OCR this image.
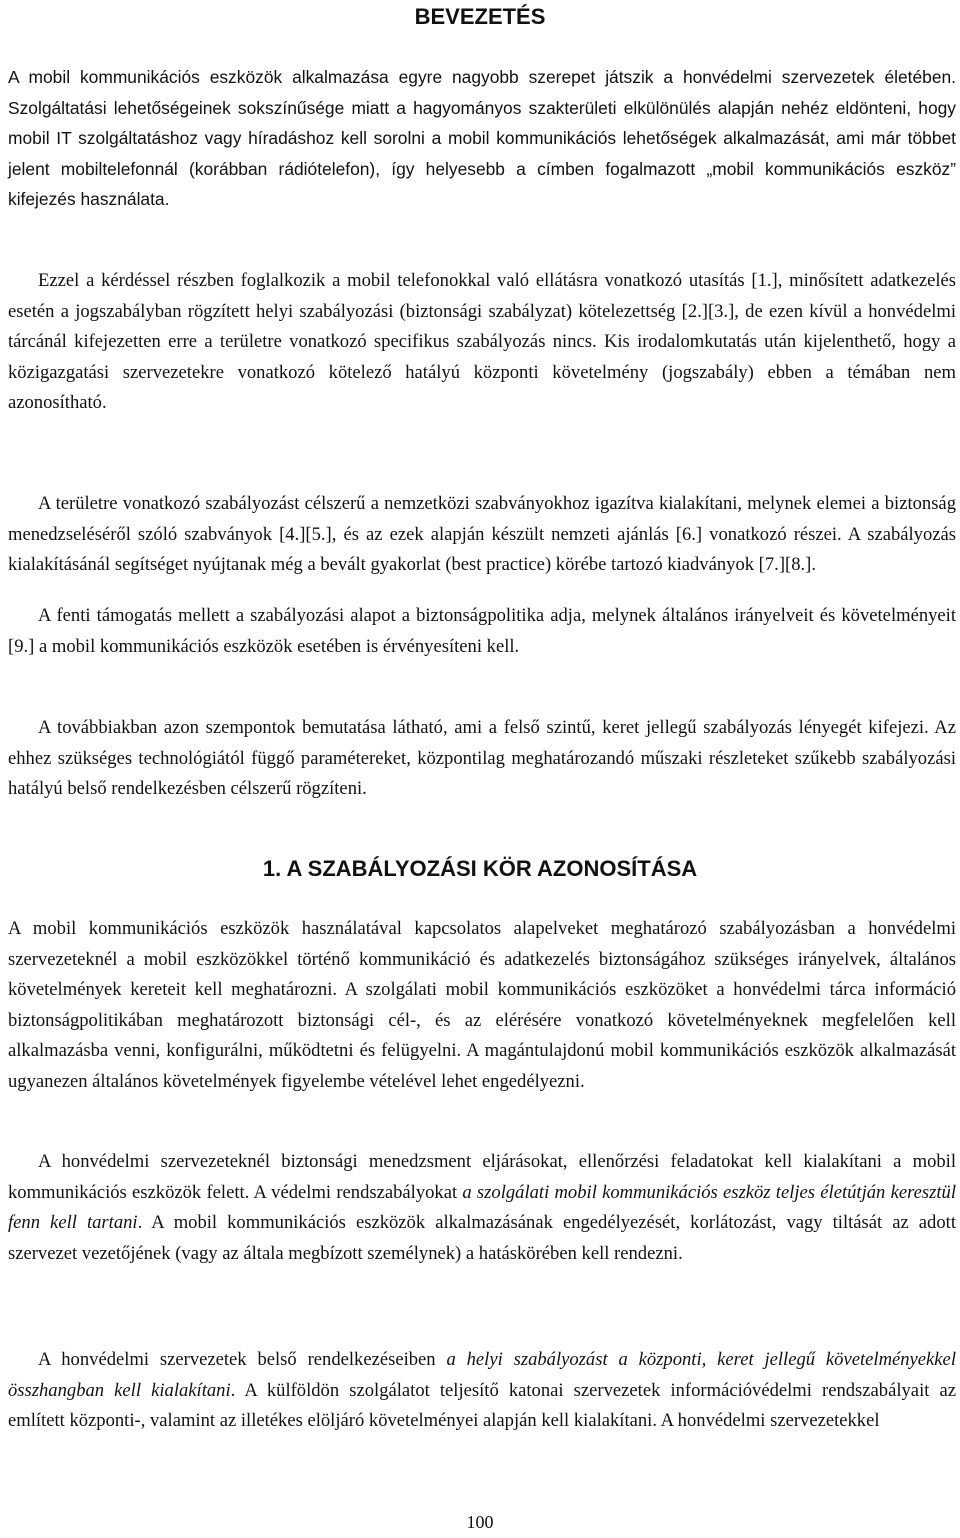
BEVEZETÉS

A mobil kommunikációs eszközök alkalmazása egyre nagyobb szerepet játszik a honvédelmi szervezetek életében. Szolgáltatási lehetőségeinek sokszínűsége miatt a hagyományos szakterületi elkülönülés alapján nehéz eldönteni, hogy mobil IT szolgáltatáshoz vagy híradáshoz kell sorolni a mobil kommunikációs lehetőségek alkalmazását, ami már többet jelent mobiltelefonnál (korábban rádiótelefon), így helyesebb a címben fogalmazott „mobil kommunikációs eszköz” kifejezés használata.

Ezzel a kérdéssel részben foglalkozik a mobil telefonokkal való ellátásra vonatkozó utasítás [1.], minősített adatkezelés esetén a jogszabályban rögzített helyi szabályozási (biztonsági szabályzat) kötelezettség [2.][3.], de ezen kívül a honvédelmi tárcánál kifejezetten erre a területre vonatkozó specifikus szabályozás nincs. Kis irodalomkutatás után kijelenthető, hogy a közigazgatási szervezetekre vonatkozó kötelező hatályú központi követelmény (jogszabály) ebben a témában nem azonosítható.

A területre vonatkozó szabályozást célszerű a nemzetközi szabványokhoz igazítva kialakítani, melynek elemei a biztonság menedzseléséről szóló szabványok [4.][5.], és az ezek alapján készült nemzeti ajánlás [6.] vonatkozó részei. A szabályozás kialakításánál segítséget nyújtanak még a bevált gyakorlat (best practice) körébe tartozó kiadványok [7.][8.].

A fenti támogatás mellett a szabályozási alapot a biztonságpolitika adja, melynek általános irányelveit és követelményeit [9.] a mobil kommunikációs eszközök esetében is érvényesíteni kell.

A továbbiakban azon szempontok bemutatása látható, ami a felső szintű, keret jellegű szabályozás lényegét kifejezi. Az ehhez szükséges technológiától függő paramétereket, központilag meghatározandó műszaki részleteket szűkebb szabályozási hatályú belső rendelkezésben célszerű rögzíteni.

1. A SZABÁLYOZÁSI KÖR AZONOSÍTÁSA

A mobil kommunikációs eszközök használatával kapcsolatos alapelveket meghatározó szabályozásban a honvédelmi szervezeteknél a mobil eszközökkel történő kommunikáció és adatkezelés biztonságához szükséges irányelvek, általános követelmények kereteit kell meghatározni. A szolgálati mobil kommunikációs eszközöket a honvédelmi tárca információ biztonságpolitikában meghatározott biztonsági cél-, és az elérésére vonatkozó követelményeknek megfelelően kell alkalmazásba venni, konfigurálni, működtetni és felügyelni. A magántulajdonú mobil kommunikációs eszközök alkalmazását ugyanezen általános követelmények figyelembe vételével lehet engedélyezni.

A honvédelmi szervezeteknél biztonsági menedzsment eljárásokat, ellenőrzési feladatokat kell kialakítani a mobil kommunikációs eszközök felett. A védelmi rendszabályokat a szolgálati mobil kommunikációs eszköz teljes életútján keresztül fenn kell tartani. A mobil kommunikációs eszközök alkalmazásának engedélyezését, korlátozást, vagy tiltását az adott szervezet vezetőjének (vagy az általa megbízott személynek) a hatáskörében kell rendezni.

A honvédelmi szervezetek belső rendelkezéseiben a helyi szabályozást a központi, keret jellegű követelményekkel összhangban kell kialakítani. A külföldön szolgálatot teljesítő katonai szervezetek információvédelmi rendszabályait az említett központi-, valamint az illetékes elöljáró követelményei alapján kell kialakítani. A honvédelmi szervezetekkel

100
